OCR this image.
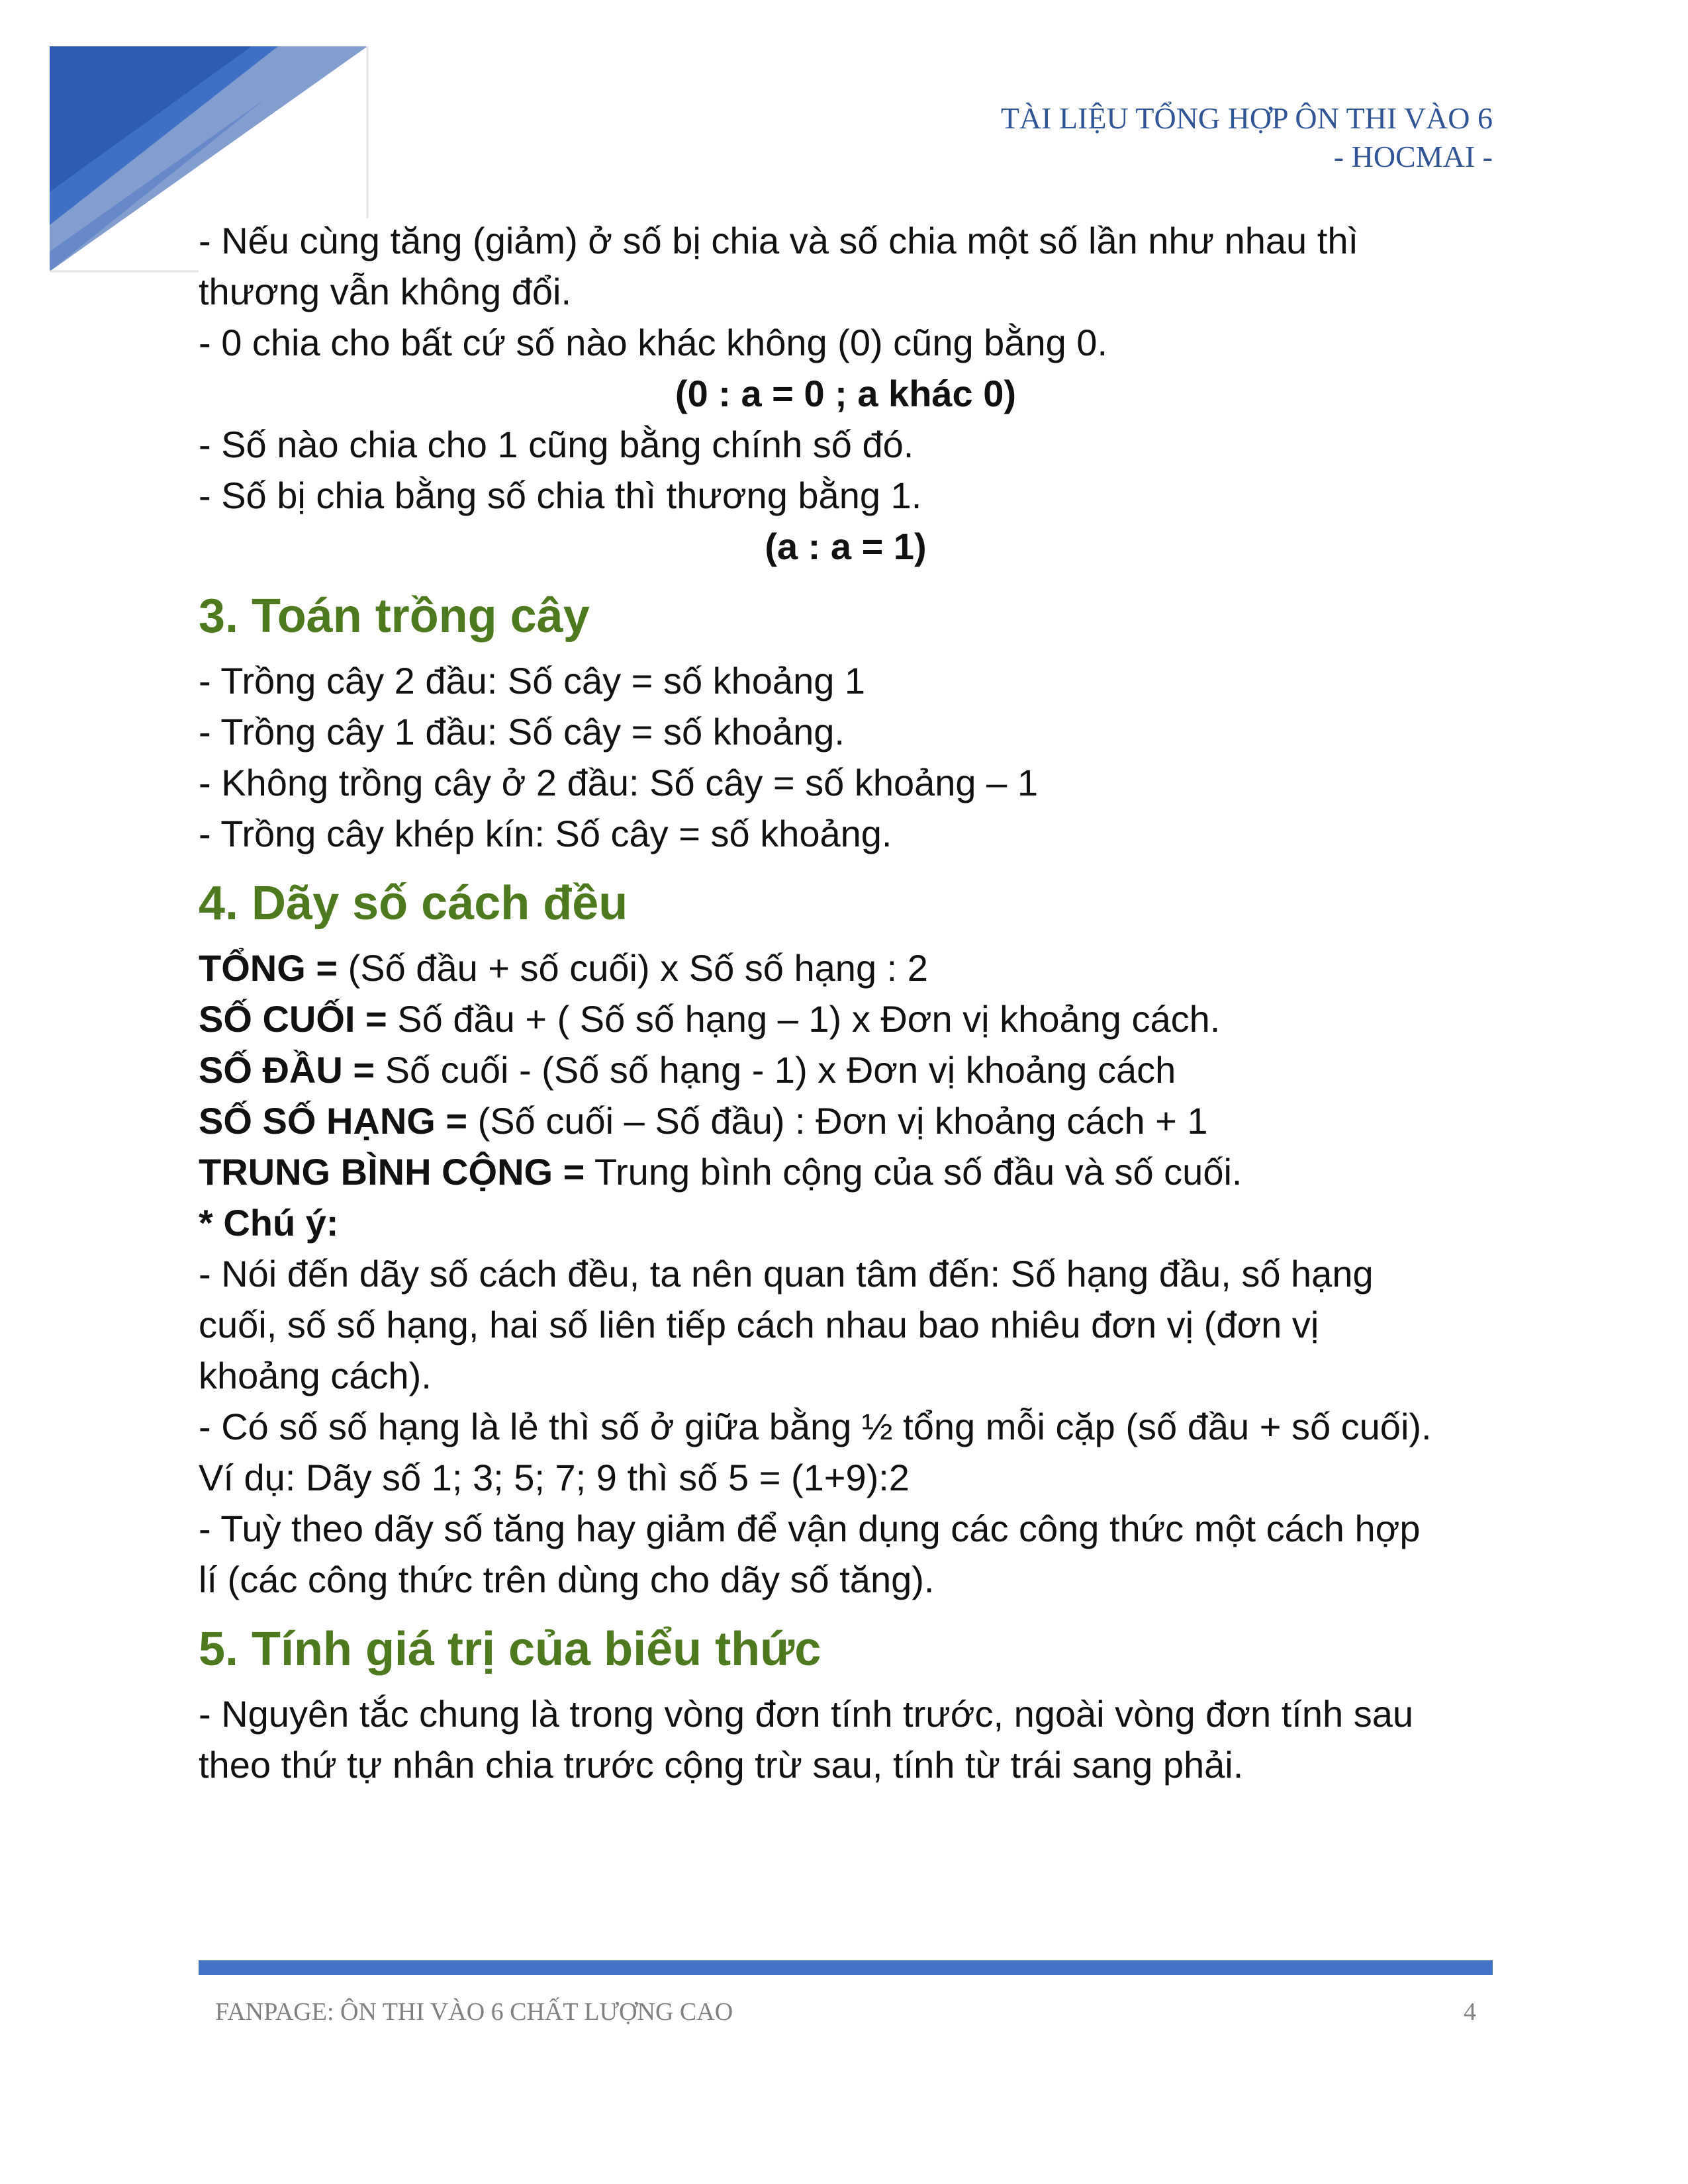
TÀI LIỆU TỔNG HỢP ÔN THI VÀO 6
- HOCMAI -

- Nếu cùng tăng (giảm) ở số bị chia và số chia một số lần như nhau thì

thương vẫn không đổi.

- 0 chia cho bất cứ số nào khác không (0) cũng bằng 0.

(0 : a = 0 ; a khác 0)

- Số nào chia cho 1 cũng bằng chính số đó.

- Số bị chia bằng số chia thì thương bằng 1.

(a : a = 1)

3. Toán trồng cây

- Trồng cây 2 đầu: Số cây = số khoảng 1

- Trồng cây 1 đầu: Số cây = số khoảng.

- Không trồng cây ở 2 đầu: Số cây = số khoảng – 1

- Trồng cây khép kín: Số cây = số khoảng.

4. Dãy số cách đều

TỔNG = (Số đầu + số cuối) x Số số hạng : 2

SỐ CUỐI = Số đầu + ( Số số hạng – 1) x Đơn vị khoảng cách.

SỐ ĐẦU = Số cuối - (Số số hạng - 1) x Đơn vị khoảng cách

SỐ SỐ HẠNG = (Số cuối – Số đầu) : Đơn vị khoảng cách + 1

TRUNG BÌNH CỘNG = Trung bình cộng của số đầu và số cuối.

* Chú ý:

- Nói đến dãy số cách đều, ta nên quan tâm đến: Số hạng đầu, số hạng

cuối, số số hạng, hai số liên tiếp cách nhau bao nhiêu đơn vị (đơn vị

khoảng cách).

- Có số số hạng là lẻ thì số ở giữa bằng ½ tổng mỗi cặp (số đầu + số cuối).

Ví dụ: Dãy số 1; 3; 5; 7; 9 thì số 5 = (1+9):2

- Tuỳ theo dãy số tăng hay giảm để vận dụng các công thức một cách hợp

lí (các công thức trên dùng cho dãy số tăng).

5. Tính giá trị của biểu thức

- Nguyên tắc chung là trong vòng đơn tính trước, ngoài vòng đơn tính sau

theo thứ tự nhân chia trước cộng trừ sau, tính từ trái sang phải.

FANPAGE: ÔN THI VÀO 6 CHẤT LƯỢNG CAO	4
